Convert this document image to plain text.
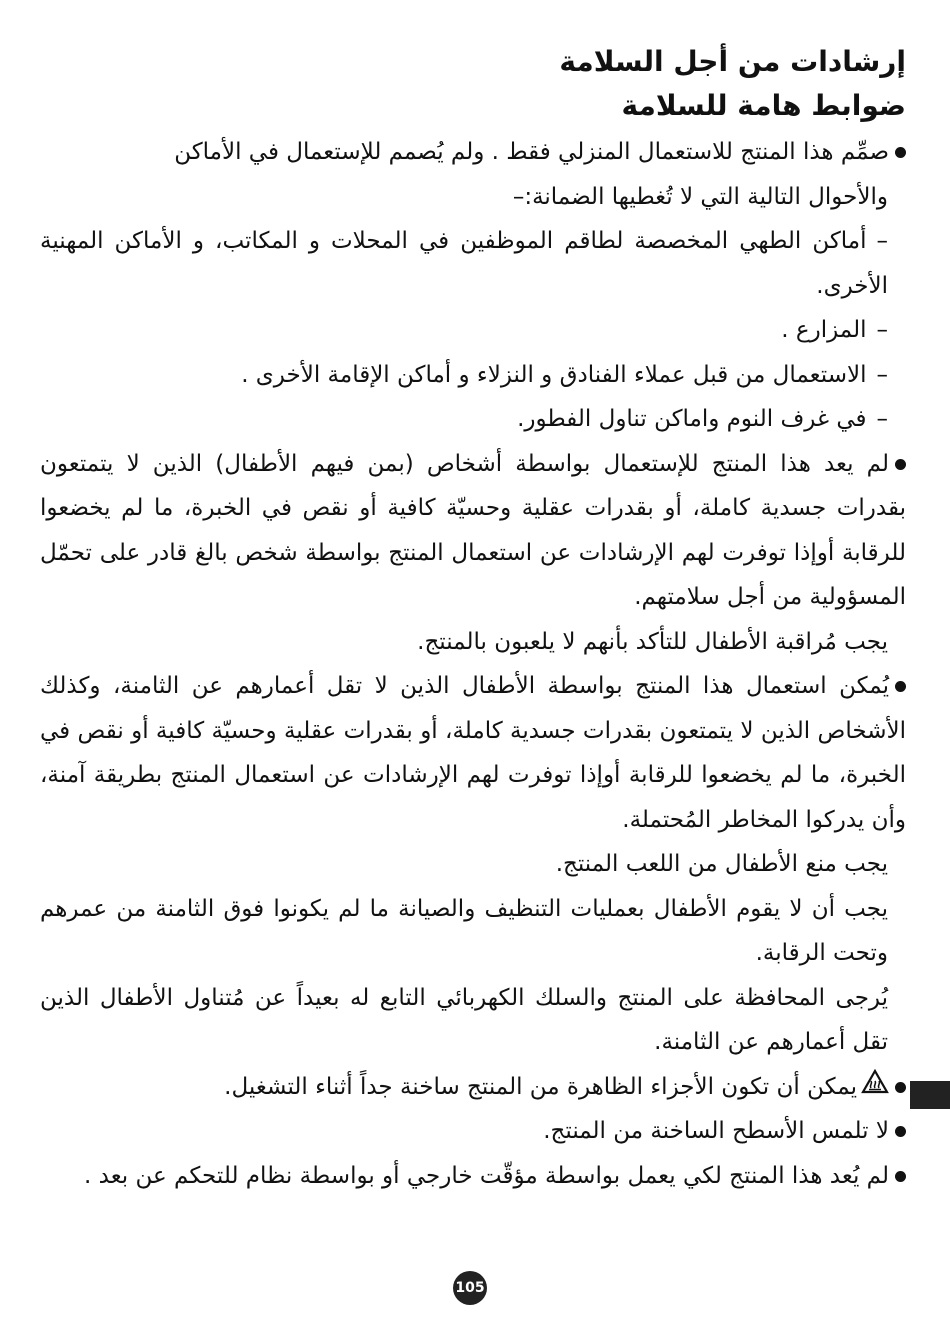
إرشادات من أجل السلامة

ضوابط هامة للسلامة

صمِّم هذا المنتج للاستعمال المنزلي فقط . ولم يُصمم للإستعمال في الأماكن

والأحوال التالية التي لا تُغطيها الضمانة:–

–أماكن الطهي المخصصة لطاقم الموظفين في المحلات و المكاتب، و الأماكن المهنية الأخرى.

–المزارع .

–الاستعمال من قبل عملاء الفنادق و النزلاء و أماكن الإقامة الأخرى .

–في غرف النوم واماكن تناول الفطور.

لم يعد هذا المنتج للإستعمال بواسطة أشخاص (بمن فيهم الأطفال) الذين لا يتمتعون بقدرات جسدية كاملة، أو بقدرات عقلية وحسيّة كافية أو نقص في الخبرة، ما لم يخضعوا للرقابة أوإذا توفرت لهم الإرشادات عن استعمال المنتج بواسطة شخص بالغ قادر على تحمّل المسؤولية من أجل سلامتهم.

يجب مُراقبة الأطفال للتأكد بأنهم لا يلعبون بالمنتج.

يُمكن استعمال هذا المنتج بواسطة الأطفال الذين لا تقل أعمارهم عن الثامنة، وكذلك الأشخاص الذين لا يتمتعون بقدرات جسدية كاملة، أو بقدرات عقلية وحسيّة كافية أو نقص في الخبرة، ما لم يخضعوا للرقابة أوإذا توفرت لهم الإرشادات عن استعمال المنتج بطريقة آمنة، وأن يدركوا المخاطر المُحتملة.

يجب منع الأطفال من اللعب المنتج.

يجب أن لا يقوم الأطفال بعمليات التنظيف والصيانة ما لم يكونوا فوق الثامنة من عمرهم وتحت الرقابة.

يُرجى المحافظة على المنتج والسلك الكهربائي التابع له بعيداً عن مُتناول الأطفال الذين تقل أعمارهم عن الثامنة.

يمكن أن تكون الأجزاء الظاهرة من المنتج ساخنة جداً أثناء التشغيل.

لا تلمس الأسطح الساخنة من المنتج.

لم يُعد هذا المنتج لكي يعمل بواسطة مؤقّت خارجي أو بواسطة نظام للتحكم عن بعد .

105
